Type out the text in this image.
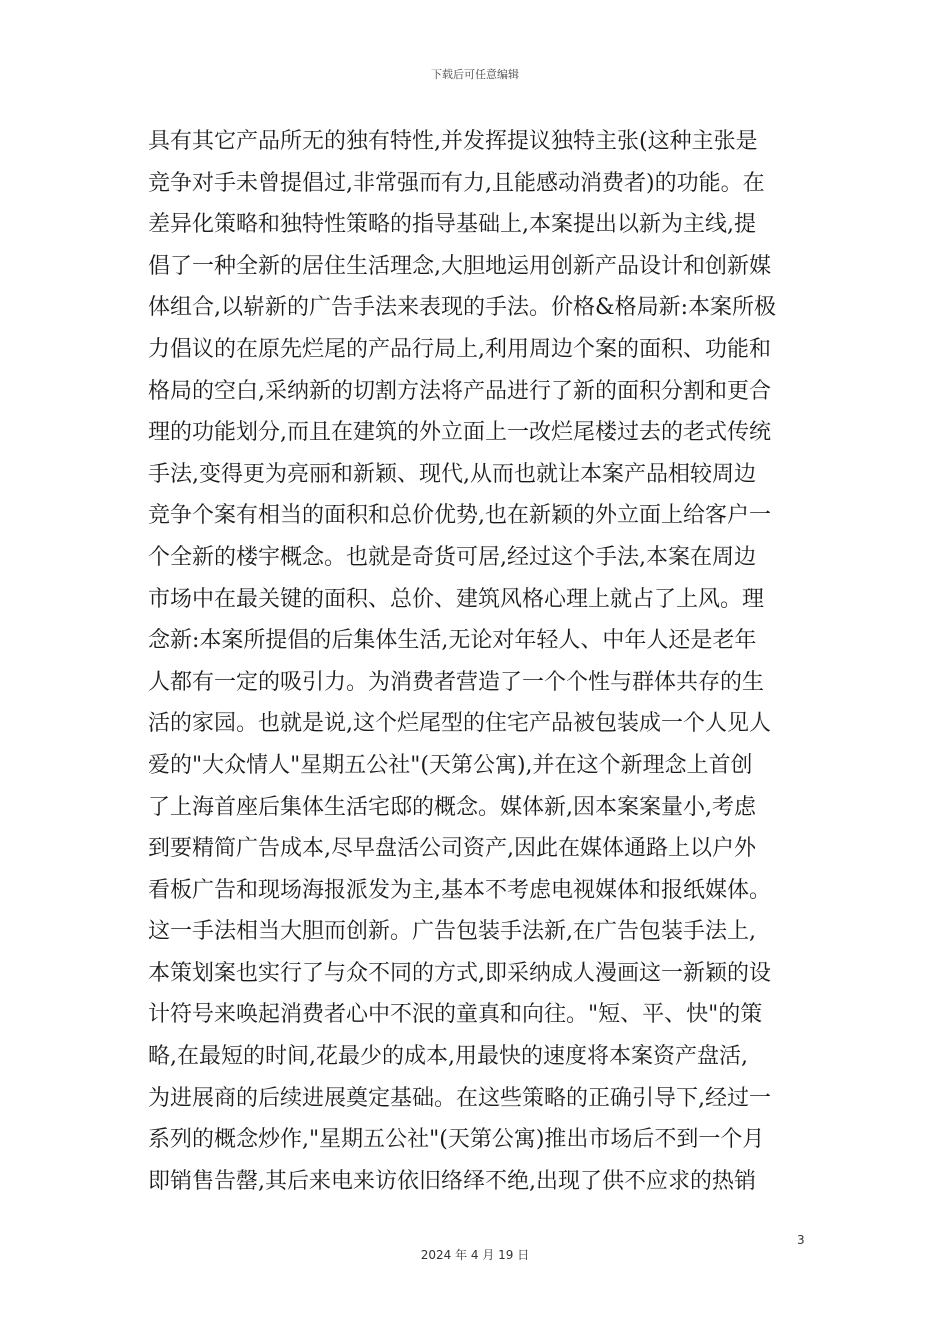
下载后可任意编辑
具有其它产品所无的独有特性,并发挥提议独特主张(这种主张是
竞争对手未曾提倡过,非常强而有力,且能感动消费者)的功能。在
差异化策略和独特性策略的指导基础上,本案提出以新为主线,提
倡了一种全新的居住生活理念,大胆地运用创新产品设计和创新媒
体组合,以崭新的广告手法来表现的手法。价格&格局新:本案所极
力倡议的在原先烂尾的产品行局上,利用周边个案的面积、功能和
格局的空白,采纳新的切割方法将产品进行了新的面积分割和更合
理的功能划分,而且在建筑的外立面上一改烂尾楼过去的老式传统
手法,变得更为亮丽和新颖、现代,从而也就让本案产品相较周边
竞争个案有相当的面积和总价优势,也在新颖的外立面上给客户一
个全新的楼宇概念。也就是奇货可居,经过这个手法,本案在周边
市场中在最关键的面积、总价、建筑风格心理上就占了上风。理
念新:本案所提倡的后集体生活,无论对年轻人、中年人还是老年
人都有一定的吸引力。为消费者营造了一个个性与群体共存的生
活的家园。也就是说,这个烂尾型的住宅产品被包装成一个人见人
爱的"大众情人"星期五公社"(天第公寓),并在这个新理念上首创
了上海首座后集体生活宅邸的概念。媒体新,因本案案量小,考虑
到要精简广告成本,尽早盘活公司资产,因此在媒体通路上以户外
看板广告和现场海报派发为主,基本不考虑电视媒体和报纸媒体。
这一手法相当大胆而创新。广告包装手法新,在广告包装手法上,
本策划案也实行了与众不同的方式,即采纳成人漫画这一新颖的设
计符号来唤起消费者心中不泯的童真和向往。"短、平、快"的策
略,在最短的时间,花最少的成本,用最快的速度将本案资产盘活,
为进展商的后续进展奠定基础。在这些策略的正确引导下,经过一
系列的概念炒作,"星期五公社"(天第公寓)推出市场后不到一个月
即销售告罄,其后来电来访依旧络绎不绝,出现了供不应求的热销
3
2024 年 4 月 19 日
